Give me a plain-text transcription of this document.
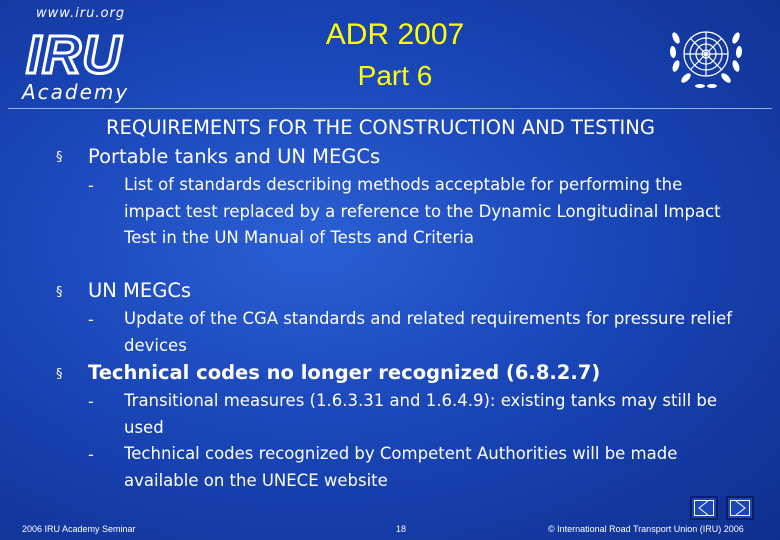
www.iru.org
IRU
Academy
ADR 2007
Part 6
REQUIREMENTS FOR THE CONSTRUCTION AND TESTING
§ Portable tanks and UN MEGCs
- List of standards describing methods acceptable for performing the impact test replaced by a reference to the Dynamic Longitudinal Impact Test in the UN Manual of Tests and Criteria
§ UN MEGCs
- Update of the CGA standards and related requirements for pressure relief devices
§ Technical codes no longer recognized (6.8.2.7)
- Transitional measures (1.6.3.31 and 1.6.4.9): existing tanks may still be used
- Technical codes recognized by Competent Authorities will be made available on the UNECE website
2006 IRU Academy Seminar	18	© International Road Transport Union (IRU) 2006
